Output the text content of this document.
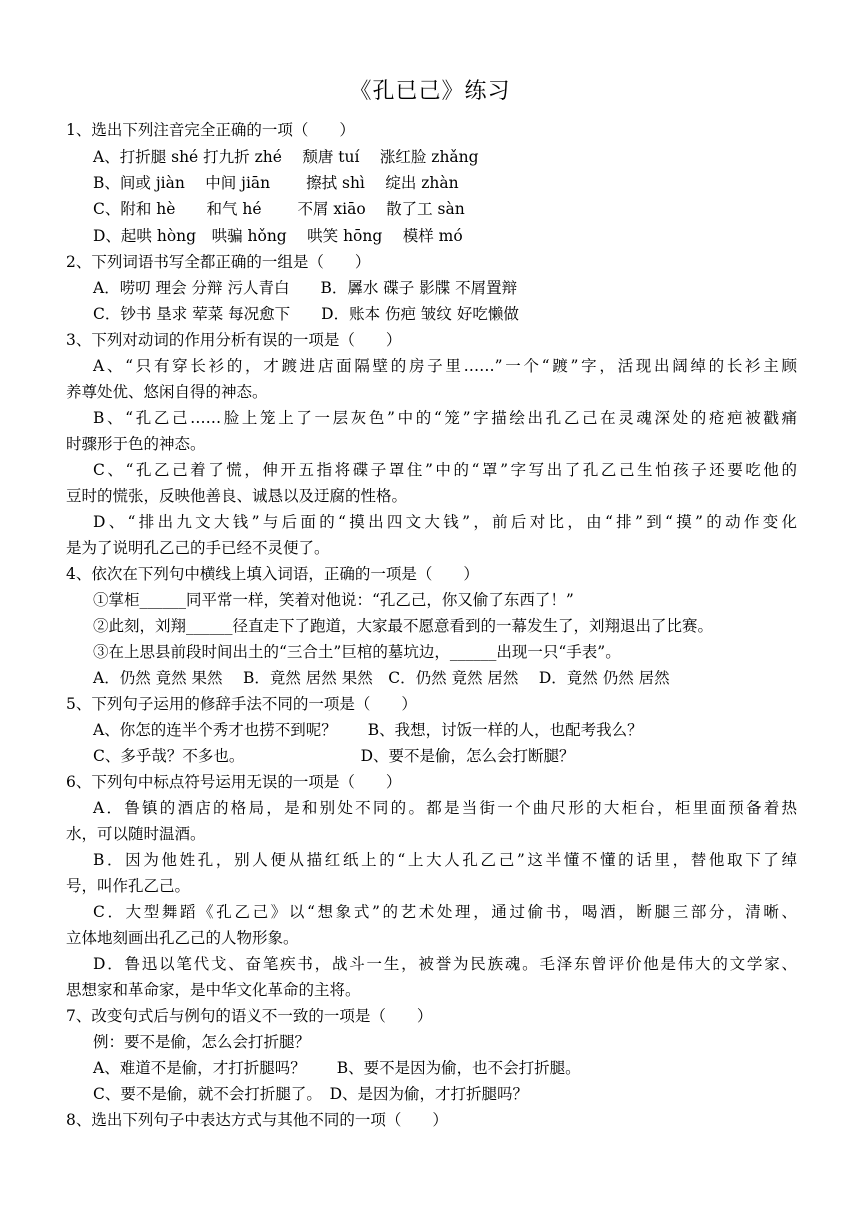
《孔已己》练习
1、选出下列注音完全正确的一项（　　）
A、打折腿 shé 打九折 zhé　 颓唐 tuí　 涨红脸 zhǎng
B、间或 jiàn　 中间 jiān　　 擦拭 shì　 绽出 zhàn
C、附和 hè　　和气 hé　　 不屑 xiāo　 散了工 sàn
D、起哄 hòng　哄骗 hǒng　 哄笑 hōng　 模样 mó
2、下列词语书写全都正确的一组是（　　）
A．唠叨 理会 分辩 污人青白　　B．羼水 碟子 影牒 不屑置辩
C．钞书 垦求 荤菜 每况愈下　　D．账本 伤疤 皱纹 好吃懒做
3、下列对动词的作用分析有误的一项是（　　）
A、“只有穿长衫的，才踱进店面隔壁的房子里……”一个“踱”字，活现出阔绰的长衫主顾
养尊处优、悠闲自得的神态。
B、“孔乙己……脸上笼上了一层灰色”中的“笼”字描绘出孔乙己在灵魂深处的疮疤被戳痛
时骤形于色的神态。
C、“孔乙己着了慌，伸开五指将碟子罩住”中的“罩”字写出了孔乙己生怕孩子还要吃他的
豆时的慌张，反映他善良、诚恳以及迂腐的性格。
D、“排出九文大钱”与后面的“摸出四文大钱”，前后对比，由“排”到“摸”的动作变化
是为了说明孔乙己的手已经不灵便了。
4、依次在下列句中横线上填入词语，正确的一项是（　　）
①掌柜______同平常一样，笑着对他说：“孔乙己，你又偷了东西了！”
②此刻，刘翔______径直走下了跑道，大家最不愿意看到的一幕发生了，刘翔退出了比赛。
③在上思县前段时间出土的“三合土”巨棺的墓坑边，______出现一只“手表”。
A．仍然 竟然 果然　 B．竟然 居然 果然　C．仍然 竟然 居然　 D．竟然 仍然 居然
5、下列句子运用的修辞手法不同的一项是（　　）
A、你怎的连半个秀才也捞不到呢？　　B、我想，讨饭一样的人，也配考我么？
C、多乎哉？不多也。　　　　　　　　D、要不是偷，怎么会打断腿？
6、下列句中标点符号运用无误的一项是（　　）
A．鲁镇的酒店的格局，是和别处不同的。都是当街一个曲尺形的大柜台，柜里面预备着热
水，可以随时温酒。
B．因为他姓孔，别人便从描红纸上的“上大人孔乙己”这半懂不懂的话里，替他取下了绰
号，叫作孔乙己。
C．大型舞蹈《孔乙己》以“想象式”的艺术处理，通过偷书，喝酒，断腿三部分，清晰、
立体地刻画出孔乙己的人物形象。
D．鲁迅以笔代戈、奋笔疾书，战斗一生，被誉为民族魂。毛泽东曾评价他是伟大的文学家、
思想家和革命家，是中华文化革命的主将。
7、改变句式后与例句的语义不一致的一项是（　　）
例：要不是偷，怎么会打折腿？
A、难道不是偷，才打折腿吗？　　B、要不是因为偷，也不会打折腿。
C、要不是偷，就不会打折腿了。　D、是因为偷，才打折腿吗？
8、选出下列句子中表达方式与其他不同的一项（　　）
